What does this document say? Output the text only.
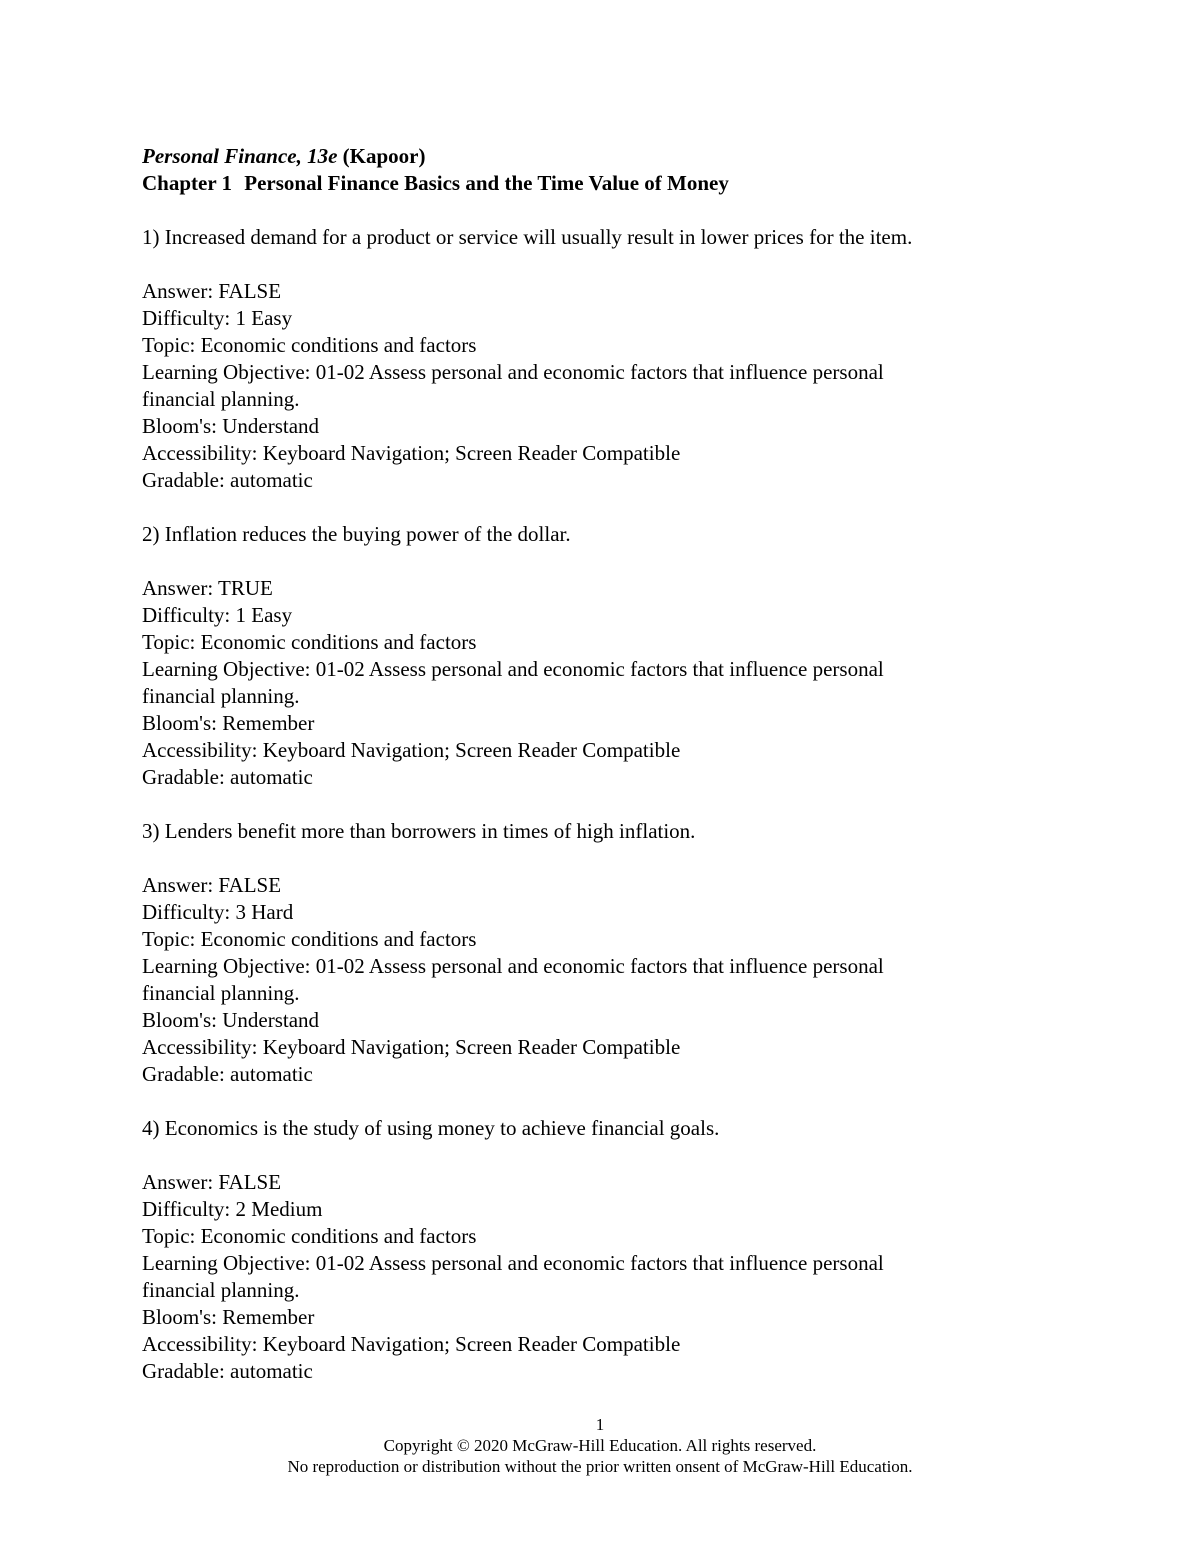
Personal Finance, 13e (Kapoor)

Chapter 1 Personal Finance Basics and the Time Value of Money

1) Increased demand for a product or service will usually result in lower prices for the item.

Answer: FALSE

Difficulty: 1 Easy

Topic: Economic conditions and factors

Learning Objective: 01-02 Assess personal and economic factors that influence personal

financial planning.

Bloom's: Understand

Accessibility: Keyboard Navigation; Screen Reader Compatible

Gradable: automatic

2) Inflation reduces the buying power of the dollar.

Answer: TRUE

Difficulty: 1 Easy

Topic: Economic conditions and factors

Learning Objective: 01-02 Assess personal and economic factors that influence personal

financial planning.

Bloom's: Remember

Accessibility: Keyboard Navigation; Screen Reader Compatible

Gradable: automatic

3) Lenders benefit more than borrowers in times of high inflation.

Answer: FALSE

Difficulty: 3 Hard

Topic: Economic conditions and factors

Learning Objective: 01-02 Assess personal and economic factors that influence personal

financial planning.

Bloom's: Understand

Accessibility: Keyboard Navigation; Screen Reader Compatible

Gradable: automatic

4) Economics is the study of using money to achieve financial goals.

Answer: FALSE

Difficulty: 2 Medium

Topic: Economic conditions and factors

Learning Objective: 01-02 Assess personal and economic factors that influence personal

financial planning.

Bloom's: Remember

Accessibility: Keyboard Navigation; Screen Reader Compatible

Gradable: automatic

1

Copyright © 2020 McGraw-Hill Education. All rights reserved.

No reproduction or distribution without the prior written onsent of McGraw-Hill Education.
